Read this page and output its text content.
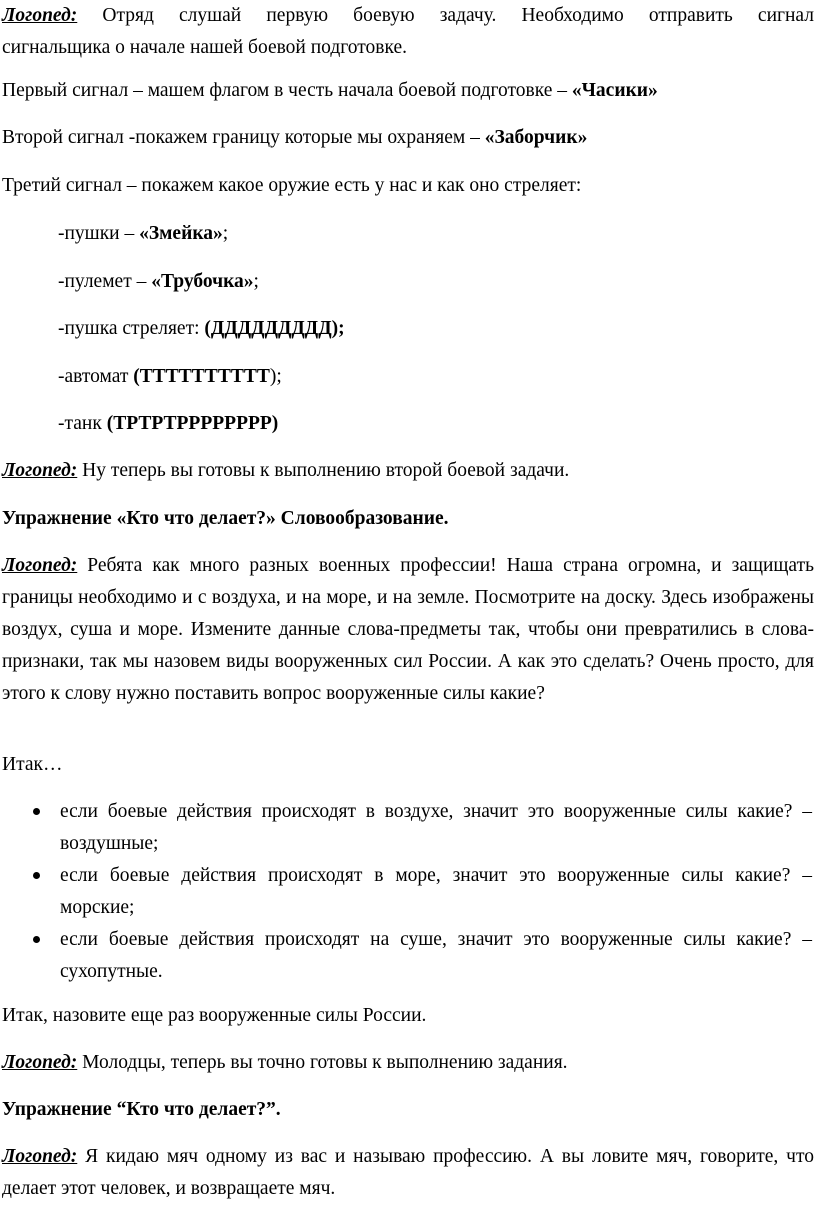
Логопед: Отряд слушай первую боевую задачу. Необходимо отправить сигнал

сигнальщика о начале нашей боевой подготовке.

Первый сигнал – машем флагом в честь начала боевой подготовке – «Часики»

Второй сигнал -покажем границу которые мы охраняем – «Заборчик»

Третий сигнал – покажем какое оружие есть у нас и как оно стреляет:

-пушки – «Змейка»;

-пулемет – «Трубочка»;

-пушка стреляет: (ДДДДДДДДД);

-автомат (ТТТТТТТТТТ);

-танк (ТРТРТРРРРРРРР)

Логопед: Ну теперь вы готовы к выполнению второй боевой задачи.

Упражнение «Кто что делает?» Словообразование.

Логопед: Ребята как много разных военных профессии! Наша страна огромна, и защищать границы необходимо и с воздуха, и на море, и на земле. Посмотрите на доску. Здесь изображены воздух, суша и море. Измените данные слова-предметы так, чтобы они превратились в слова-признаки, так мы назовем виды вооруженных сил России. А как это сделать? Очень просто, для этого к слову нужно поставить вопрос вооруженные силы какие?

Итак…

если боевые действия происходят в воздухе, значит это вооруженные силы какие? – воздушные;
если боевые действия происходят в море, значит это вооруженные силы какие? – морские;
если боевые действия происходят на суше, значит это вооруженные силы какие? – сухопутные.

Итак, назовите еще раз вооруженные силы России.

Логопед: Молодцы, теперь вы точно готовы к выполнению задания.

Упражнение “Кто что делает?”.

Логопед: Я кидаю мяч одному из вас и называю профессию. А вы ловите мяч, говорите, что делает этот человек, и возвращаете мяч.
